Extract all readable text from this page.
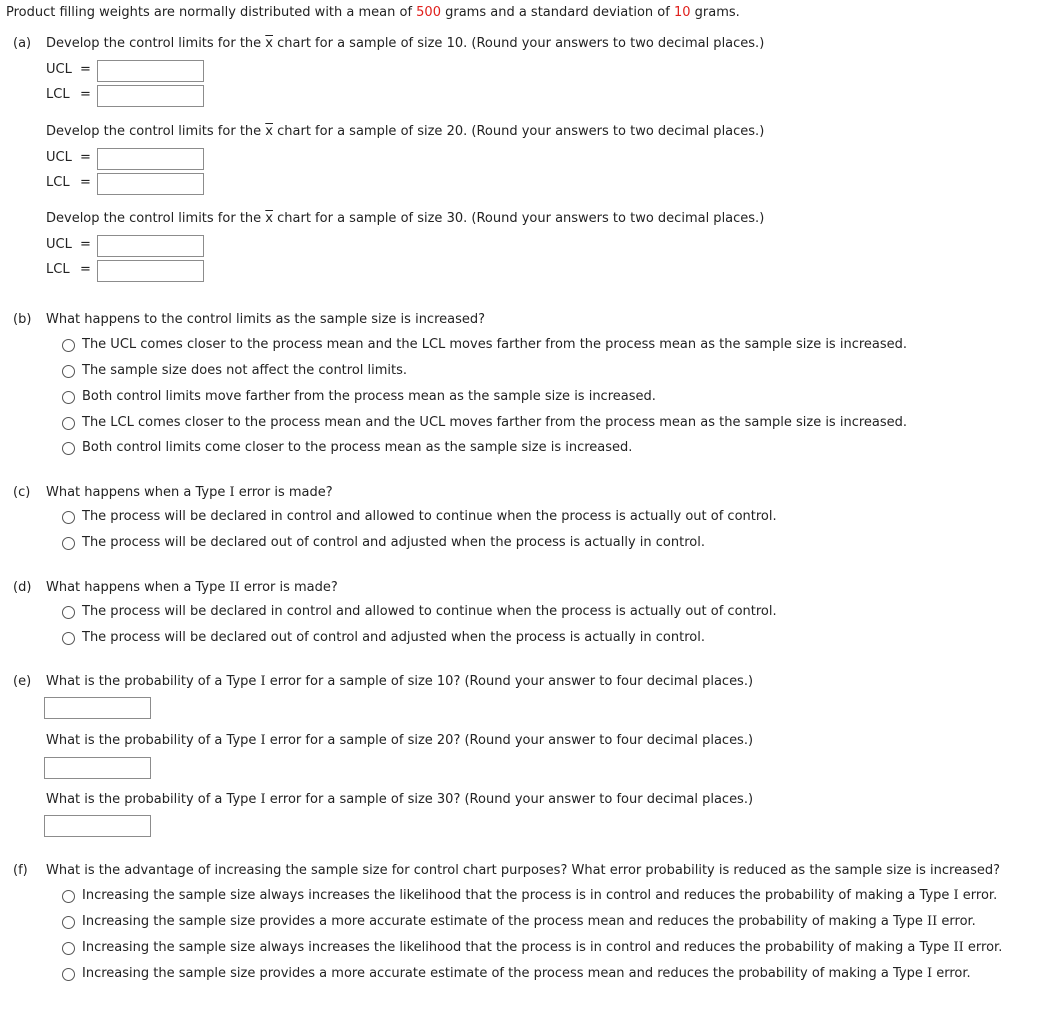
Product filling weights are normally distributed with a mean of 500 grams and a standard deviation of 10 grams.
(a) Develop the control limits for the $\overline{x}$ chart for a sample of size 10. (Round your answers to two decimal places.)
UCL =
LCL =
Develop the control limits for the $\overline{x}$ chart for a sample of size 20. (Round your answers to two decimal places.)
UCL =
LCL =
Develop the control limits for the $\overline{x}$ chart for a sample of size 30. (Round your answers to two decimal places.)
UCL =
LCL =
(b) What happens to the control limits as the sample size is increased?
The UCL comes closer to the process mean and the LCL moves farther from the process mean as the sample size is increased.
The sample size does not affect the control limits.
Both control limits move farther from the process mean as the sample size is increased.
The LCL comes closer to the process mean and the UCL moves farther from the process mean as the sample size is increased.
Both control limits come closer to the process mean as the sample size is increased.
(c) What happens when a Type I error is made?
The process will be declared in control and allowed to continue when the process is actually out of control.
The process will be declared out of control and adjusted when the process is actually in control.
(d) What happens when a Type II error is made?
The process will be declared in control and allowed to continue when the process is actually out of control.
The process will be declared out of control and adjusted when the process is actually in control.
(e) What is the probability of a Type I error for a sample of size 10? (Round your answer to four decimal places.)
What is the probability of a Type I error for a sample of size 20? (Round your answer to four decimal places.)
What is the probability of a Type I error for a sample of size 30? (Round your answer to four decimal places.)
(f) What is the advantage of increasing the sample size for control chart purposes? What error probability is reduced as the sample size is increased?
Increasing the sample size always increases the likelihood that the process is in control and reduces the probability of making a Type I error.
Increasing the sample size provides a more accurate estimate of the process mean and reduces the probability of making a Type II error.
Increasing the sample size always increases the likelihood that the process is in control and reduces the probability of making a Type II error.
Increasing the sample size provides a more accurate estimate of the process mean and reduces the probability of making a Type I error.
